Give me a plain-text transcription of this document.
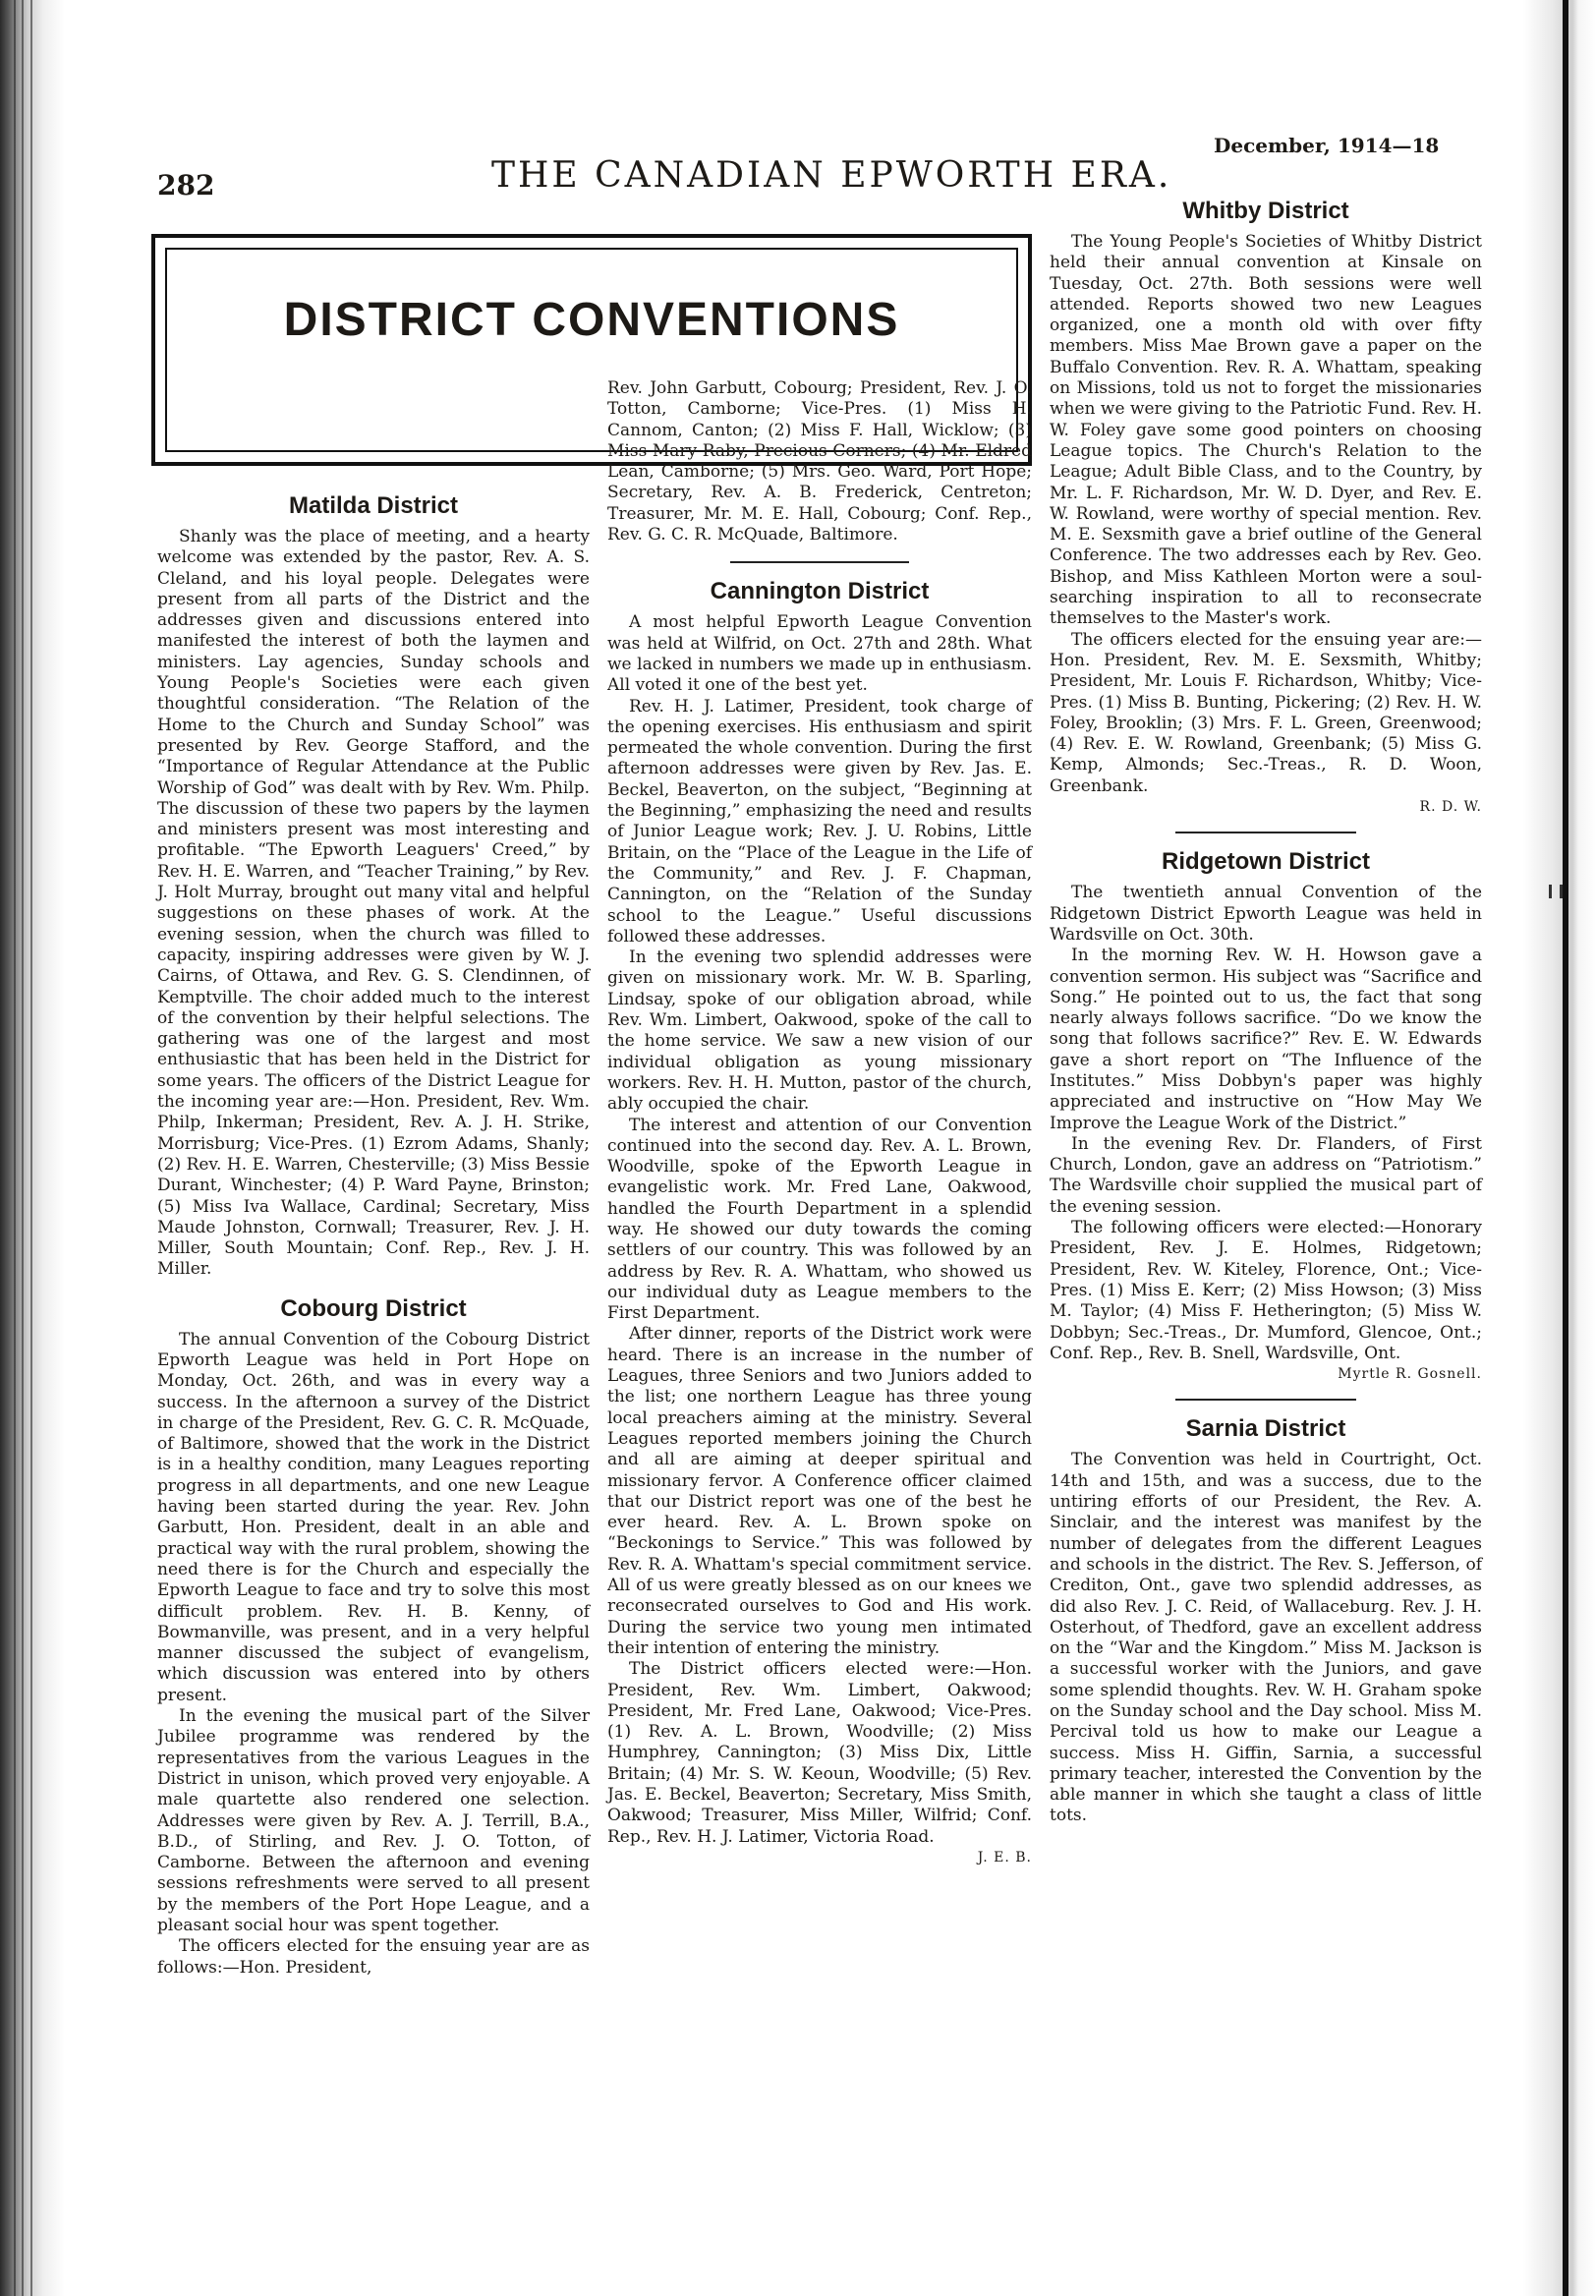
282	THE CANADIAN EPWORTH ERA.
December, 1914—18
DISTRICT CONVENTIONS
Matilda District

Shanly was the place of meeting, and a hearty welcome was extended by the pastor, Rev. A. S. Cleland, and his loyal people. Delegates were present from all parts of the District and the addresses given and discussions entered into manifested the interest of both the laymen and ministers. Lay agencies, Sunday schools and Young People's Societies were each given thoughtful consideration. “The Relation of the Home to the Church and Sunday School” was presented by Rev. George Stafford, and the “Importance of Regular Attendance at the Public Worship of God” was dealt with by Rev. Wm. Philp. The discussion of these two papers by the laymen and ministers present was most interesting and profitable. “The Epworth Leaguers' Creed,” by Rev. H. E. Warren, and “Teacher Training,” by Rev. J. Holt Murray, brought out many vital and helpful suggestions on these phases of work. At the evening session, when the church was filled to capacity, inspiring addresses were given by W. J. Cairns, of Ottawa, and Rev. G. S. Clendinnen, of Kemptville. The choir added much to the interest of the convention by their helpful selections. The gathering was one of the largest and most enthusiastic that has been held in the District for some years. The officers of the District League for the incoming year are:—Hon. President, Rev. Wm. Philp, Inkerman; President, Rev. A. J. H. Strike, Morrisburg; Vice-Pres. (1) Ezrom Adams, Shanly; (2) Rev. H. E. Warren, Chesterville; (3) Miss Bessie Durant, Winchester; (4) P. Ward Payne, Brinston; (5) Miss Iva Wallace, Cardinal; Secretary, Miss Maude Johnston, Cornwall; Treasurer, Rev. J. H. Miller, South Mountain; Conf. Rep., Rev. J. H. Miller.

Cobourg District

The annual Convention of the Cobourg District Epworth League was held in Port Hope on Monday, Oct. 26th, and was in every way a success. In the afternoon a survey of the District in charge of the President, Rev. G. C. R. McQuade, of Baltimore, showed that the work in the District is in a healthy condition, many Leagues reporting progress in all departments, and one new League having been started during the year. Rev. John Garbutt, Hon. President, dealt in an able and practical way with the rural problem, showing the need there is for the Church and especially the Epworth League to face and try to solve this most difficult problem. Rev. H. B. Kenny, of Bowmanville, was present, and in a very helpful manner discussed the subject of evangelism, which discussion was entered into by others present.

In the evening the musical part of the Silver Jubilee programme was rendered by the representatives from the various Leagues in the District in unison, which proved very enjoyable. A male quartette also rendered one selection. Addresses were given by Rev. A. J. Terrill, B.A., B.D., of Stirling, and Rev. J. O. Totton, of Camborne. Between the afternoon and evening sessions refreshments were served to all present by the members of the Port Hope League, and a pleasant social hour was spent together.

The officers elected for the ensuing year are as follows:—Hon. President,

Rev. John Garbutt, Cobourg; President, Rev. J. O. Totton, Camborne; Vice-Pres. (1) Miss H. Cannom, Canton; (2) Miss F. Hall, Wicklow; (3) Miss Mary Raby, Precious Corners; (4) Mr. Eldred Lean, Camborne; (5) Mrs. Geo. Ward, Port Hope; Secretary, Rev. A. B. Frederick, Centreton; Treasurer, Mr. M. E. Hall, Cobourg; Conf. Rep., Rev. G. C. R. McQuade, Baltimore.

Cannington District

A most helpful Epworth League Convention was held at Wilfrid, on Oct. 27th and 28th. What we lacked in numbers we made up in enthusiasm. All voted it one of the best yet.

Rev. H. J. Latimer, President, took charge of the opening exercises. His enthusiasm and spirit permeated the whole convention. During the first afternoon addresses were given by Rev. Jas. E. Beckel, Beaverton, on the subject, “Beginning at the Beginning,” emphasizing the need and results of Junior League work; Rev. J. U. Robins, Little Britain, on the “Place of the League in the Life of the Community,” and Rev. J. F. Chapman, Cannington, on the “Relation of the Sunday school to the League.” Useful discussions followed these addresses.

In the evening two splendid addresses were given on missionary work. Mr. W. B. Sparling, Lindsay, spoke of our obligation abroad, while Rev. Wm. Limbert, Oakwood, spoke of the call to the home service. We saw a new vision of our individual obligation as young missionary workers. Rev. H. H. Mutton, pastor of the church, ably occupied the chair.

The interest and attention of our Convention continued into the second day. Rev. A. L. Brown, Woodville, spoke of the Epworth League in evangelistic work. Mr. Fred Lane, Oakwood, handled the Fourth Department in a splendid way. He showed our duty towards the coming settlers of our country. This was followed by an address by Rev. R. A. Whattam, who showed us our individual duty as League members to the First Department.

After dinner, reports of the District work were heard. There is an increase in the number of Leagues, three Seniors and two Juniors added to the list; one northern League has three young local preachers aiming at the ministry. Several Leagues reported members joining the Church and all are aiming at deeper spiritual and missionary fervor. A Conference officer claimed that our District report was one of the best he ever heard. Rev. A. L. Brown spoke on “Beckonings to Service.” This was followed by Rev. R. A. Whattam's special commitment service. All of us were greatly blessed as on our knees we reconsecrated ourselves to God and His work. During the service two young men intimated their intention of entering the ministry.

The District officers elected were:—Hon. President, Rev. Wm. Limbert, Oakwood; President, Mr. Fred Lane, Oakwood; Vice-Pres. (1) Rev. A. L. Brown, Woodville; (2) Miss Humphrey, Cannington; (3) Miss Dix, Little Britain; (4) Mr. S. W. Keoun, Woodville; (5) Rev. Jas. E. Beckel, Beaverton; Secretary, Miss Smith, Oakwood; Treasurer, Miss Miller, Wilfrid; Conf. Rep., Rev. H. J. Latimer, Victoria Road.

J. E. B.
Whitby District

The Young People's Societies of Whitby District held their annual convention at Kinsale on Tuesday, Oct. 27th. Both sessions were well attended. Reports showed two new Leagues organized, one a month old with over fifty members. Miss Mae Brown gave a paper on the Buffalo Convention. Rev. R. A. Whattam, speaking on Missions, told us not to forget the missionaries when we were giving to the Patriotic Fund. Rev. H. W. Foley gave some good pointers on choosing League topics. The Church's Relation to the League; Adult Bible Class, and to the Country, by Mr. L. F. Richardson, Mr. W. D. Dyer, and Rev. E. W. Rowland, were worthy of special mention. Rev. M. E. Sexsmith gave a brief outline of the General Conference. The two addresses each by Rev. Geo. Bishop, and Miss Kathleen Morton were a soul-searching inspiration to all to reconsecrate themselves to the Master's work.

The officers elected for the ensuing year are:—Hon. President, Rev. M. E. Sexsmith, Whitby; President, Mr. Louis F. Richardson, Whitby; Vice-Pres. (1) Miss B. Bunting, Pickering; (2) Rev. H. W. Foley, Brooklin; (3) Mrs. F. L. Green, Greenwood; (4) Rev. E. W. Rowland, Greenbank; (5) Miss G. Kemp, Almonds; Sec.-Treas., R. D. Woon, Greenbank.

R. D. W.
Ridgetown District

The twentieth annual Convention of the Ridgetown District Epworth League was held in Wardsville on Oct. 30th.

In the morning Rev. W. H. Howson gave a convention sermon. His subject was “Sacrifice and Song.” He pointed out to us, the fact that song nearly always follows sacrifice. “Do we know the song that follows sacrifice?” Rev. E. W. Edwards gave a short report on “The Influence of the Institutes.” Miss Dobbyn's paper was highly appreciated and instructive on “How May We Improve the League Work of the District.”

In the evening Rev. Dr. Flanders, of First Church, London, gave an address on “Patriotism.” The Wardsville choir supplied the musical part of the evening session.

The following officers were elected:—Honorary President, Rev. J. E. Holmes, Ridgetown; President, Rev. W. Kiteley, Florence, Ont.; Vice-Pres. (1) Miss E. Kerr; (2) Miss Howson; (3) Miss M. Taylor; (4) Miss F. Hetherington; (5) Miss W. Dobbyn; Sec.-Treas., Dr. Mumford, Glencoe, Ont.; Conf. Rep., Rev. B. Snell, Wardsville, Ont.

Myrtle R. Gosnell.
Sarnia District

The Convention was held in Courtright, Oct. 14th and 15th, and was a success, due to the untiring efforts of our President, the Rev. A. Sinclair, and the interest was manifest by the number of delegates from the different Leagues and schools in the district. The Rev. S. Jefferson, of Crediton, Ont., gave two splendid addresses, as did also Rev. J. C. Reid, of Wallaceburg. Rev. J. H. Osterhout, of Thedford, gave an excellent address on the “War and the Kingdom.” Miss M. Jackson is a successful worker with the Juniors, and gave some splendid thoughts. Rev. W. H. Graham spoke on the Sunday school and the Day school. Miss M. Percival told us how to make our League a success. Miss H. Giffin, Sarnia, a successful primary teacher, interested the Convention by the able manner in which she taught a class of little tots.
